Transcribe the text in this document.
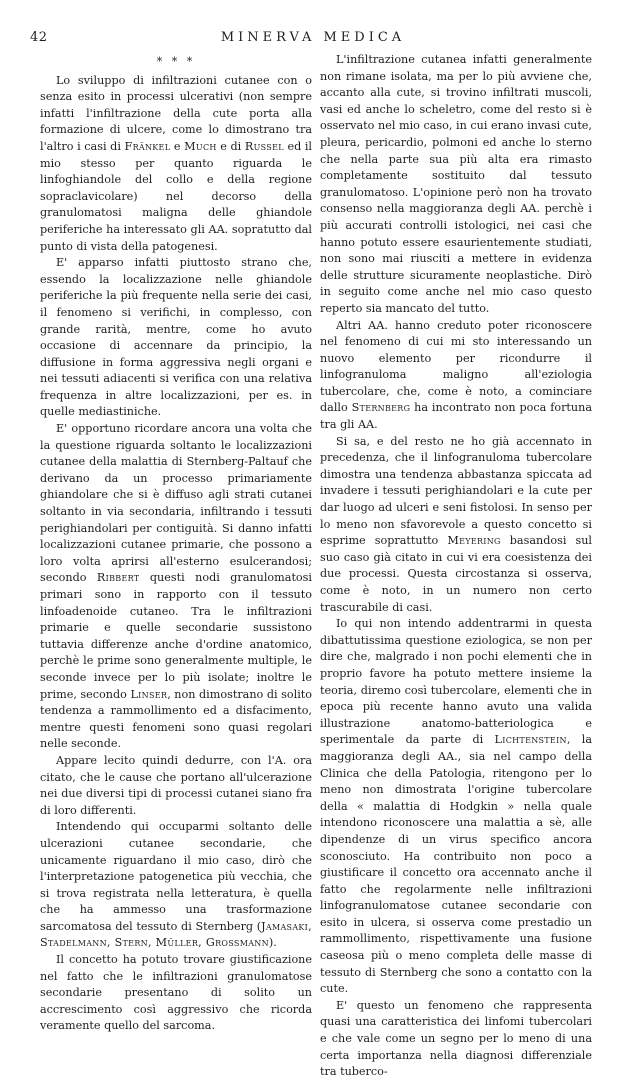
42	MINERVA MEDICA
* * *

Lo sviluppo di infiltrazioni cutanee con o senza esito in processi ulcerativi (non sempre infatti l'infiltrazione della cute porta alla formazione di ulcere, come lo dimostrano tra l'altro i casi di Fränkel e Much e di Russel ed il mio stesso per quanto riguarda le linfoghiandole del collo e della regione sopraclavicolare) nel decorso della granulomatosi maligna delle ghiandole periferiche ha interessato gli AA. sopratutto dal punto di vista della patogenesi.

E' apparso infatti piuttosto strano che, essendo la localizzazione nelle ghiandole periferiche la più frequente nella serie dei casi, il fenomeno si verifichi, in complesso, con grande rarità, mentre, come ho avuto occasione di accennare da principio, la diffusione in forma aggressiva negli organi e nei tessuti adiacenti si verifica con una relativa frequenza in altre localizzazioni, per es. in quelle mediastiniche.

E' opportuno ricordare ancora una volta che la questione riguarda soltanto le localizzazioni cutanee della malattia di Sternberg-Paltauf che derivano da un processo primariamente ghiandolare che si è diffuso agli strati cutanei soltanto in via secondaria, infiltrando i tessuti perighiandolari per contiguità. Si danno infatti localizzazioni cutanee primarie, che possono a loro volta aprirsi all'esterno esulcerandosi; secondo Ribbert questi nodi granulomatosi primari sono in rapporto con il tessuto linfoadenoide cutaneo. Tra le infiltrazioni primarie e quelle secondarie sussistono tuttavia differenze anche d'ordine anatomico, perchè le prime sono generalmente multiple, le seconde invece per lo più isolate; inoltre le prime, secondo Linser, non dimostrano di solito tendenza a rammollimento ed a disfacimento, mentre questi fenomeni sono quasi regolari nelle seconde.

Appare lecito quindi dedurre, con l'A. ora citato, che le cause che portano all'ulcerazione nei due diversi tipi di processi cutanei siano fra di loro differenti.

Intendendo qui occuparmi soltanto delle ulcerazioni cutanee secondarie, che unicamente riguardano il mio caso, dirò che l'interpretazione patogenetica più vecchia, che si trova registrata nella letteratura, è quella che ha ammesso una trasformazione sarcomatosa del tessuto di Sternberg (Jamasaki, Stadelmann, Stern, Müller, Grossmann).

Il concetto ha potuto trovare giustificazione nel fatto che le infiltrazioni granulomatose secondarie presentano di solito un accrescimento così aggressivo che ricorda veramente quello del sarcoma.

L'infiltrazione cutanea infatti generalmente non rimane isolata, ma per lo più avviene che, accanto alla cute, si trovino infiltrati muscoli, vasi ed anche lo scheletro, come del resto si è osservato nel mio caso, in cui erano invasi cute, pleura, pericardio, polmoni ed anche lo sterno che nella parte sua più alta era rimasto completamente sostituito dal tessuto granulomatoso. L'opinione però non ha trovato consenso nella maggioranza degli AA. perchè i più accurati controlli istologici, nei casi che hanno potuto essere esaurientemente studiati, non sono mai riusciti a mettere in evidenza delle strutture sicuramente neoplastiche. Dirò in seguito come anche nel mio caso questo reperto sia mancato del tutto.

Altri AA. hanno creduto poter riconoscere nel fenomeno di cui mi sto interessando un nuovo elemento per ricondurre il linfogranuloma maligno all'eziologia tubercolare, che, come è noto, a cominciare dallo Sternberg ha incontrato non poca fortuna tra gli AA.

Si sa, e del resto ne ho già accennato in precedenza, che il linfogranuloma tubercolare dimostra una tendenza abbastanza spiccata ad invadere i tessuti perighiandolari e la cute per dar luogo ad ulceri e seni fistolosi. In senso per lo meno non sfavorevole a questo concetto si esprime soprattutto Meyering basandosi sul suo caso già citato in cui vi era coesistenza dei due processi. Questa circostanza si osserva, come è noto, in un numero non certo trascurabile di casi.

Io qui non intendo addentrarmi in questa dibattutissima questione eziologica, se non per dire che, malgrado i non pochi elementi che in proprio favore ha potuto mettere insieme la teoria, diremo così tubercolare, elementi che in epoca più recente hanno avuto una valida illustrazione anatomo-batteriologica e sperimentale da parte di Lichtenstein, la maggioranza degli AA., sia nel campo della Clinica che della Patologia, ritengono per lo meno non dimostrata l'origine tubercolare della « malattia di Hodgkin » nella quale intendono riconoscere una malattia a sè, alle dipendenze di un virus specifico ancora sconosciuto. Ha contribuito non poco a giustificare il concetto ora accennato anche il fatto che regolarmente nelle infiltrazioni linfogranulomatose cutanee secondarie con esito in ulcera, si osserva come prestadio un rammollimento, rispettivamente una fusione caseosa più o meno completa delle masse di tessuto di Sternberg che sono a contatto con la cute.

E' questo un fenomeno che rappresenta quasi una caratteristica dei linfomi tubercolari e che vale come un segno per lo meno di una certa importanza nella diagnosi differenziale tra tuberco-
